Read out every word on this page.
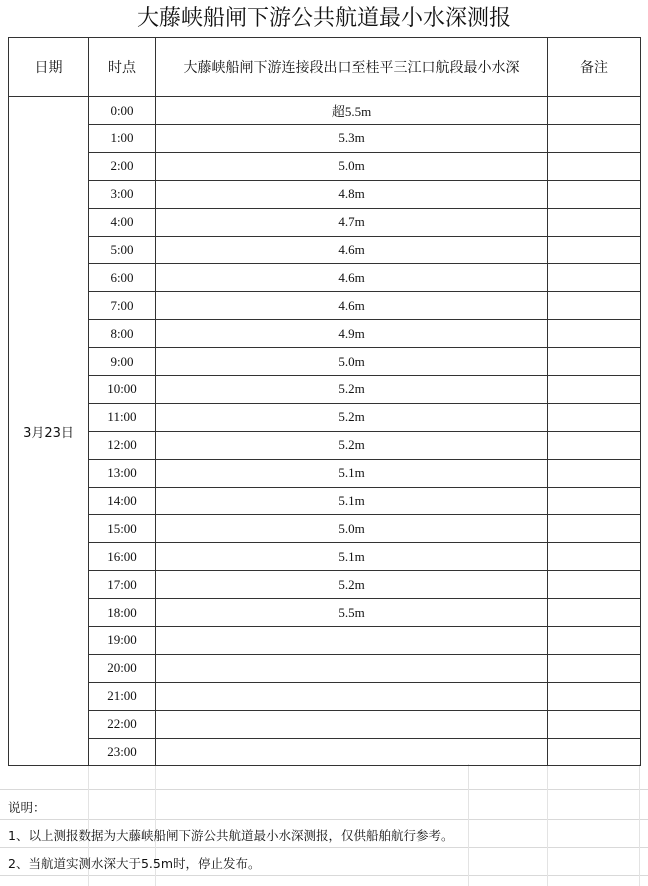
大藤峡船闸下游公共航道最小水深测报
日期	时点	大藤峡船闸下游连接段出口至桂平三江口航段最小水深	备注
3月23日	0:00	超5.5m	
	1:00	5.3m	
	2:00	5.0m	
	3:00	4.8m	
	4:00	4.7m	
	5:00	4.6m	
	6:00	4.6m	
	7:00	4.6m	
	8:00	4.9m	
	9:00	5.0m	
	10:00	5.2m	
	11:00	5.2m	
	12:00	5.2m	
	13:00	5.1m	
	14:00	5.1m	
	15:00	5.0m	
	16:00	5.1m	
	17:00	5.2m	
	18:00	5.5m	
	19:00		
	20:00		
	21:00		
	22:00		
	23:00		
说明：
1、以上测报数据为大藤峡船闸下游公共航道最小水深测报，仅供船舶航行参考。
2、当航道实测水深大于5.5m时，停止发布。
